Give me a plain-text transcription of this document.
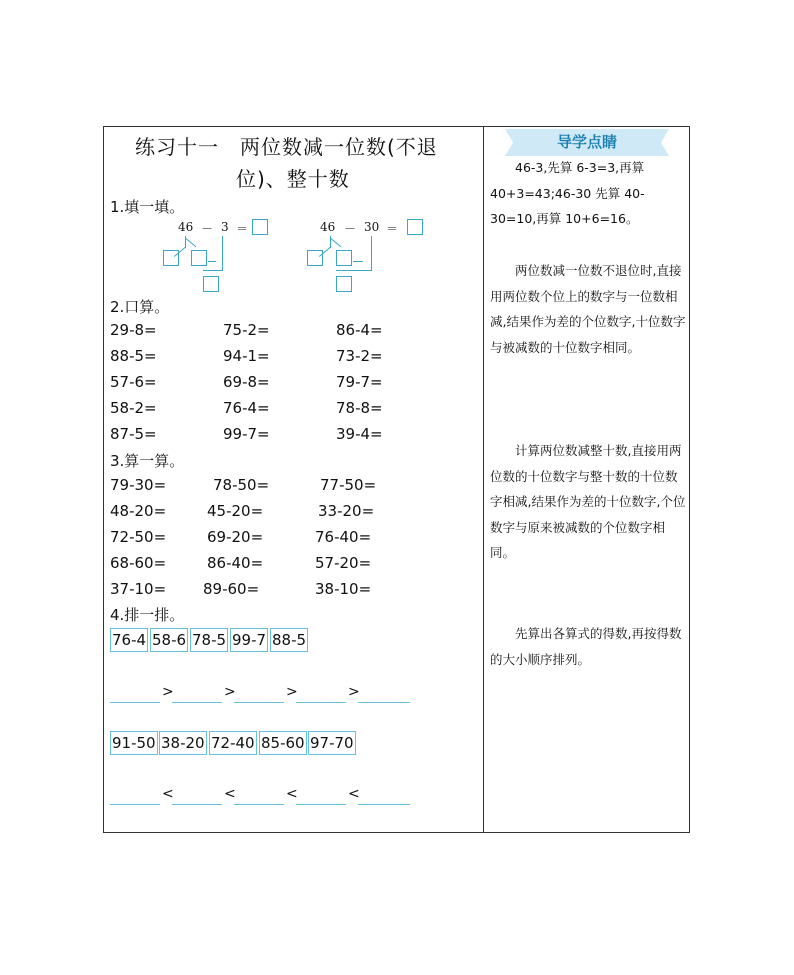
练习十一　两位数减一位数(不退
位)、整十数
1.填一填。
46 － 3 ＝	46 － 30 ＝
2.口算。
29-8=	75-2=	86-4=
88-5=	94-1=	73-2=
57-6=	69-8=	79-7=
58-2=	76-4=	78-8=
87-5=	99-7=	39-4=
3.算一算。
79-30=	78-50=	77-50=
48-20=	45-20=	33-20=
72-50=	69-20=	76-40=
68-60=	86-40=	57-20=
37-10= 89-60=	38-10=
4.排一排。
76-4 58-6 78-5 99-7 88-5
>	>	>	>
91-50 38-20 72-40 85-60 97-70
<	<	<	<
导学点睛
46-3,先算 6-3=3,再算 40+3=43;46-30 先算 40-30=10,再算 10+6=16。
两位数减一位数不退位时,直接用两位数个位上的数字与一位数相减,结果作为差的个位数字,十位数字与被减数的十位数字相同。
计算两位数减整十数,直接用两位数的十位数字与整十数的十位数字相减,结果作为差的十位数字,个位数字与原来被减数的个位数字相同。
先算出各算式的得数,再按得数的大小顺序排列。
